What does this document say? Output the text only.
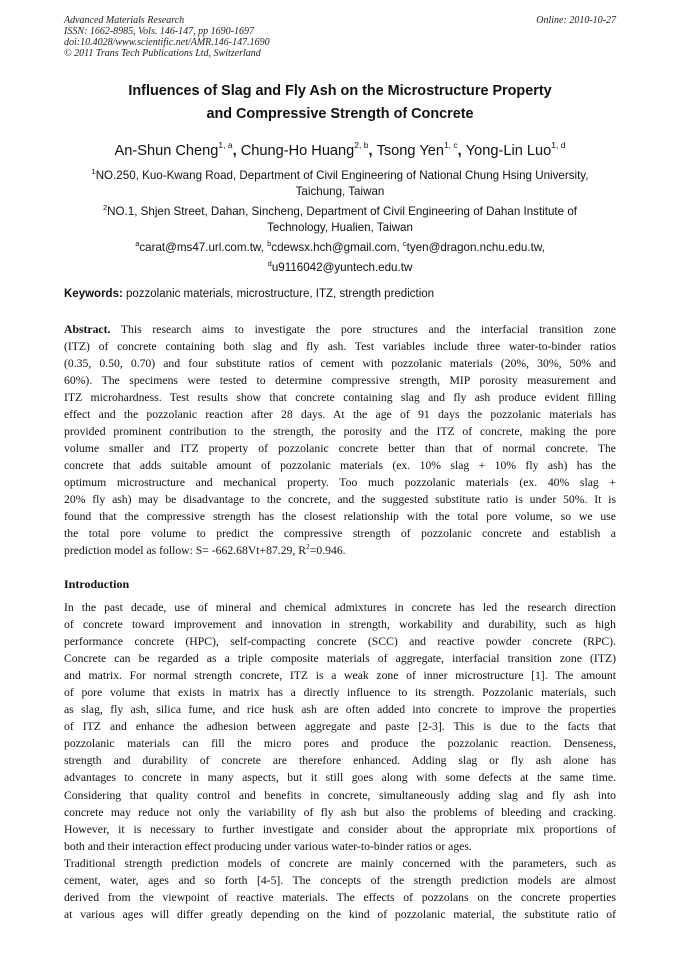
Advanced Materials Research
ISSN: 1662-8985, Vols. 146-147, pp 1690-1697
doi:10.4028/www.scientific.net/AMR.146-147.1690
© 2011 Trans Tech Publications Ltd, Switzerland
Online: 2010-10-27
Influences of Slag and Fly Ash on the Microstructure Property
and Compressive Strength of Concrete
An-Shun Cheng$^{1, a}$, Chung-Ho Huang$^{2, b}$, Tsong Yen$^{1, c}$, Yong-Lin Luo$^{1, d}$
$^1$NO.250, Kuo-Kwang Road, Department of Civil Engineering of National Chung Hsing University,
Taichung, Taiwan
$^2$NO.1, Shjen Street, Dahan, Sincheng, Department of Civil Engineering of Dahan Institute of
Technology, Hualien, Taiwan
$^a$carat@ms47.url.com.tw, $^b$cdewsx.hch@gmail.com, $^c$tyen@dragon.nchu.edu.tw,
$^d$u9116042@yuntech.edu.tw
Keywords: pozzolanic materials, microstructure, ITZ, strength prediction
Abstract. This research aims to investigate the pore structures and the interfacial transition zone
(ITZ) of concrete containing both slag and fly ash. Test variables include three water-to-binder ratios
(0.35, 0.50, 0.70) and four substitute ratios of cement with pozzolanic materials (20%, 30%, 50% and
60%). The specimens were tested to determine compressive strength, MIP porosity measurement and
ITZ microhardness. Test results show that concrete containing slag and fly ash produce evident filling
effect and the pozzolanic reaction after 28 days. At the age of 91 days the pozzolanic materials has
provided prominent contribution to the strength, the porosity and the ITZ of concrete, making the pore
volume smaller and ITZ property of pozzolanic concrete better than that of normal concrete. The
concrete that adds suitable amount of pozzolanic materials (ex. 10% slag + 10% fly ash) has the
optimum microstructure and mechanical property. Too much pozzolanic materials (ex. 40% slag +
20% fly ash) may be disadvantage to the concrete, and the suggested substitute ratio is under 50%. It is
found that the compressive strength has the closest relationship with the total pore volume, so we use
the total pore volume to predict the compressive strength of pozzolanic concrete and establish a
prediction model as follow: S= -662.68Vt+87.29, $R^2=0.946$.
Introduction
In the past decade, use of mineral and chemical admixtures in concrete has led the research direction
of concrete toward improvement and innovation in strength, workability and durability, such as high
performance concrete (HPC), self-compacting concrete (SCC) and reactive powder concrete (RPC).
Concrete can be regarded as a triple composite materials of aggregate, interfacial transition zone (ITZ)
and matrix. For normal strength concrete, ITZ is a weak zone of inner microstructure [1]. The amount
of pore volume that exists in matrix has a directly influence to its strength. Pozzolanic materials, such
as slag, fly ash, silica fume, and rice husk ash are often added into concrete to improve the properties
of ITZ and enhance the adhesion between aggregate and paste [2-3]. This is due to the facts that
pozzolanic materials can fill the micro pores and produce the pozzolanic reaction. Denseness,
strength and durability of concrete are therefore enhanced. Adding slag or fly ash alone has
advantages to concrete in many aspects, but it still goes along with some defects at the same time.
Considering that quality control and benefits in concrete, simultaneously adding slag and fly ash into
concrete may reduce not only the variability of fly ash but also the problems of bleeding and cracking.
However, it is necessary to further investigate and consider about the appropriate mix proportions of
both and their interaction effect producing under various water-to-binder ratios or ages.
Traditional strength prediction models of concrete are mainly concerned with the parameters, such as
cement, water, ages and so forth [4-5]. The concepts of the strength prediction models are almost
derived from the viewpoint of reactive materials. The effects of pozzolans on the concrete properties
at various ages will differ greatly depending on the kind of pozzolanic material, the substitute ratio of
